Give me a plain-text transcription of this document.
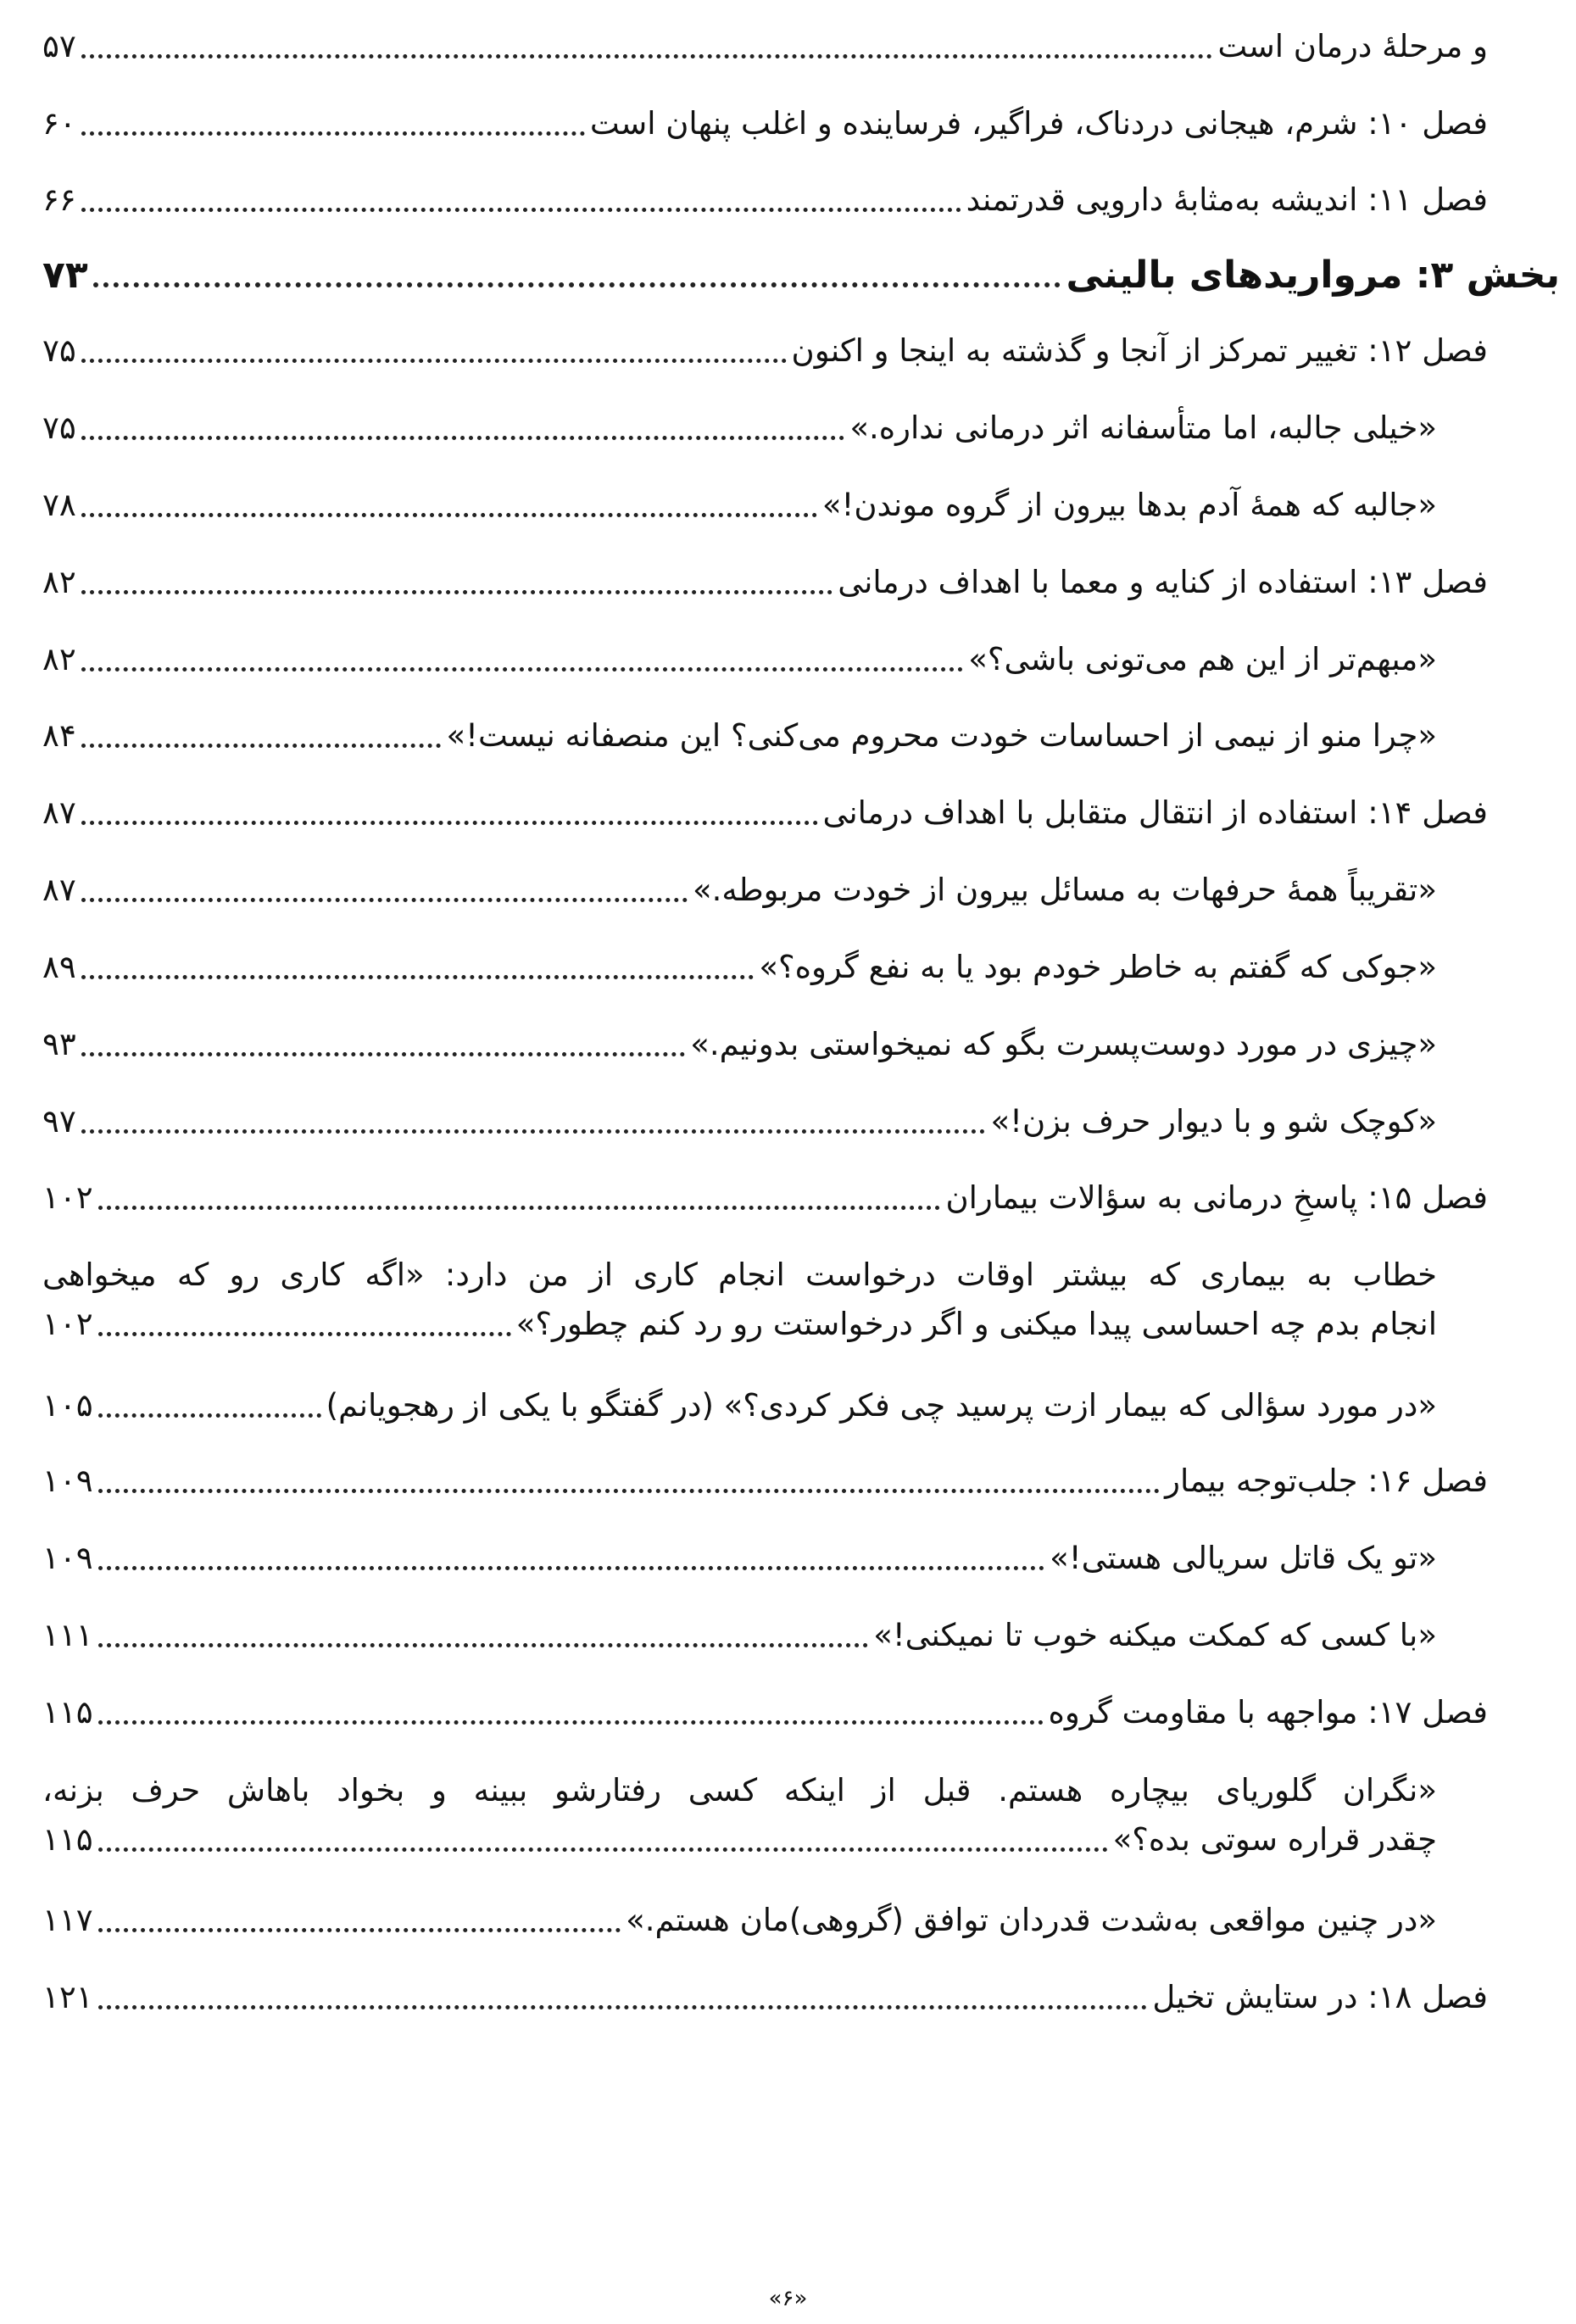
و مرحلهٔ درمان است
۵۷
فصل ۱۰: شرم، هیجانی دردناک، فراگیر، فرساینده و اغلب پنهان است
۶۰
فصل ۱۱: اندیشه به‌مثابهٔ دارویی قدرتمند
۶۶
بخش ۳: مرواریدهای بالینی
۷۳
فصل ۱۲: تغییر تمرکز از آنجا و گذشته به اینجا و اکنون
۷۵
«خیلی جالبه، اما متأسفانه اثر درمانی نداره.»
۷۵
«جالبه که همهٔ آدم بدها بیرون از گروه موندن!»
۷۸
فصل ۱۳: استفاده از کنایه و معما با اهداف درمانی
۸۲
«مبهم‌تر از این هم می‌تونی باشی؟»
۸۲
«چرا منو از نیمی از احساسات خودت محروم می‌کنی؟ این منصفانه نیست!»
۸۴
فصل ۱۴: استفاده از انتقال متقابل با اهداف درمانی
۸۷
«تقریباً همهٔ حرفهات به مسائل بیرون از خودت مربوطه.»
۸۷
«جوکی که گفتم به خاطر خودم بود یا به نفع گروه؟»
۸۹
«چیزی در مورد دوست‌پسرت بگو که نمیخواستی بدونیم.»
۹۳
«کوچک شو و با دیوار حرف بزن!»
۹۷
فصل ۱۵: پاسخِ درمانی به سؤالات بیماران
۱۰۲
خطاب به بیماری که بیشتر اوقات درخواست انجام کاری از من دارد: «اگه کاری رو که میخواهی
انجام بدم چه احساسی پیدا میکنی و اگر درخواستت رو رد کنم چطور؟»
۱۰۲
«در مورد سؤالی که بیمار ازت پرسید چی فکر کردی؟» (در گفتگو با یکی از رهجویانم)
۱۰۵
فصل ۱۶: جلب‌توجه بیمار
۱۰۹
«تو یک قاتل سریالی هستی!»
۱۰۹
«با کسی که کمکت میکنه خوب تا نمیکنی!»
۱۱۱
فصل ۱۷: مواجهه با مقاومت گروه
۱۱۵
«نگران گلوریای بیچاره هستم. قبل از اینکه کسی رفتارشو ببینه و بخواد باهاش حرف بزنه،
چقدر قراره سوتی بده؟»
۱۱۵
«در چنین مواقعی به‌شدت قدردان توافق (گروهی)مان هستم.»
۱۱۷
فصل ۱۸: در ستایش تخیل
۱۲۱
«۶»
